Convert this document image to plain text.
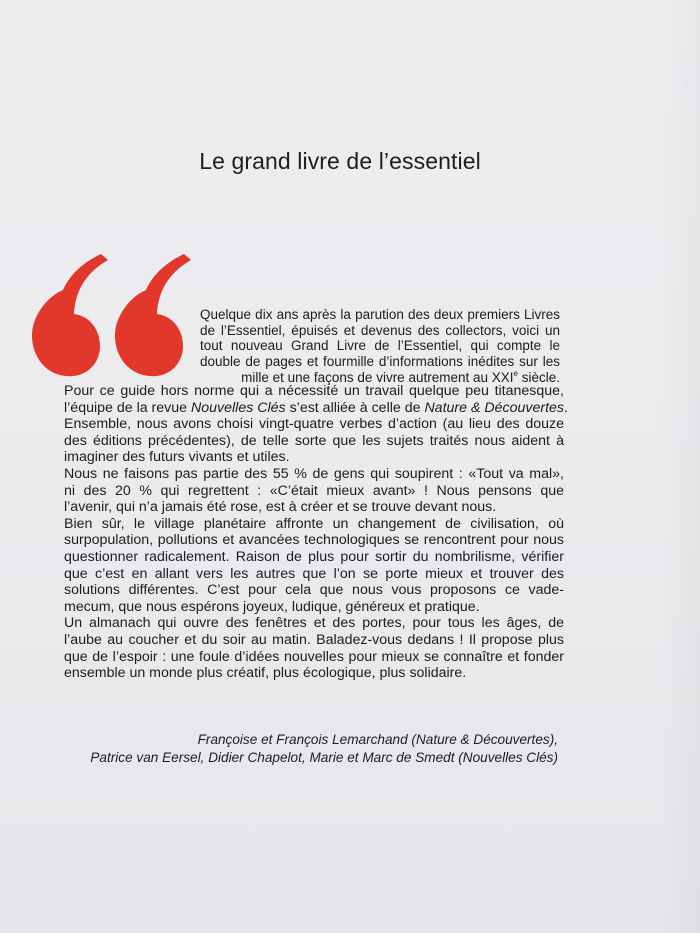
Le grand livre de l’essentiel
Quelque dix ans après la parution des deux premiers Livres
de l’Essentiel, épuisés et devenus des collectors, voici un
tout nouveau Grand Livre de l’Essentiel, qui compte le
double de pages et fourmille d’informations inédites sur les
mille et une façons de vivre autrement au XXIe siècle.
Pour ce guide hors norme qui a nécessité un travail quelque peu titanesque,
l’équipe de la revue Nouvelles Clés s’est alliée à celle de Nature & Découvertes.
Ensemble, nous avons choisi vingt-quatre verbes d’action (au lieu des douze
des éditions précédentes), de telle sorte que les sujets traités nous aident à
imaginer des futurs vivants et utiles.
Nous ne faisons pas partie des 55 % de gens qui soupirent : «Tout va mal»,
ni des 20 % qui regrettent : «C’était mieux avant» ! Nous pensons que
l’avenir, qui n’a jamais été rose, est à créer et se trouve devant nous.
Bien sûr, le village planétaire affronte un changement de civilisation, où
surpopulation, pollutions et avancées technologiques se rencontrent pour nous
questionner radicalement. Raison de plus pour sortir du nombrilisme, vérifier
que c’est en allant vers les autres que l’on se porte mieux et trouver des
solutions différentes. C’est pour cela que nous vous proposons ce vade-
mecum, que nous espérons joyeux, ludique, généreux et pratique.
Un almanach qui ouvre des fenêtres et des portes, pour tous les âges, de
l’aube au coucher et du soir au matin. Baladez-vous dedans ! Il propose plus
que de l’espoir : une foule d’idées nouvelles pour mieux se connaître et fonder
ensemble un monde plus créatif, plus écologique, plus solidaire.
Françoise et François Lemarchand (Nature & Découvertes),
Patrice van Eersel, Didier Chapelot, Marie et Marc de Smedt (Nouvelles Clés)
